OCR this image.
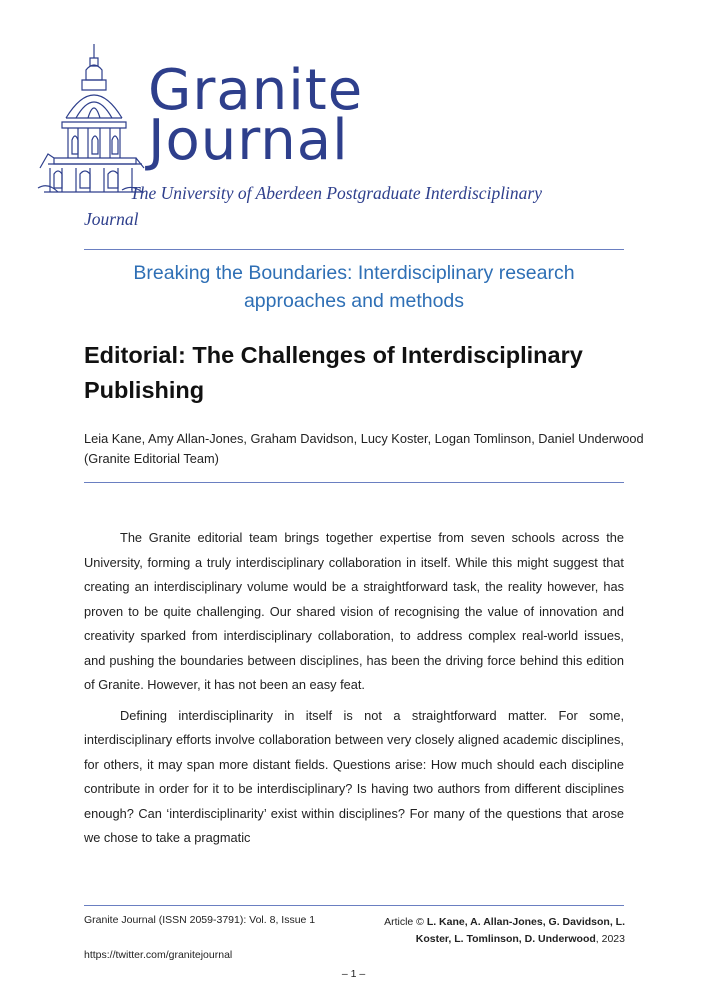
Granite
Journal
The University of Aberdeen Postgraduate Interdisciplinary
Journal
Breaking the Boundaries: Interdisciplinary research approaches and methods
Editorial: The Challenges of Interdisciplinary Publishing
Leia Kane, Amy Allan-Jones, Graham Davidson, Lucy Koster, Logan Tomlinson, Daniel Underwood (Granite Editorial Team)

The Granite editorial team brings together expertise from seven schools across the University, forming a truly interdisciplinary collaboration in itself. While this might suggest that creating an interdisciplinary volume would be a straightforward task, the reality however, has proven to be quite challenging. Our shared vision of recognising the value of innovation and creativity sparked from interdisciplinary collaboration, to address complex real-world issues, and pushing the boundaries between disciplines, has been the driving force behind this edition of Granite. However, it has not been an easy feat.

Defining interdisciplinarity in itself is not a straightforward matter. For some, interdisciplinary efforts involve collaboration between very closely aligned academic disciplines, for others, it may span more distant fields. Questions arise: How much should each discipline contribute in order for it to be interdisciplinary? Is having two authors from different disciplines enough? Can ‘interdisciplinarity’ exist within disciplines? For many of the questions that arose we chose to take a pragmatic

Granite Journal (ISSN 2059-3791): Vol. 8, Issue 1	Article © L. Kane, A. Allan-Jones, G. Davidson, L. Koster, L. Tomlinson, D. Underwood, 2023
https://twitter.com/granitejournal
– 1 –
